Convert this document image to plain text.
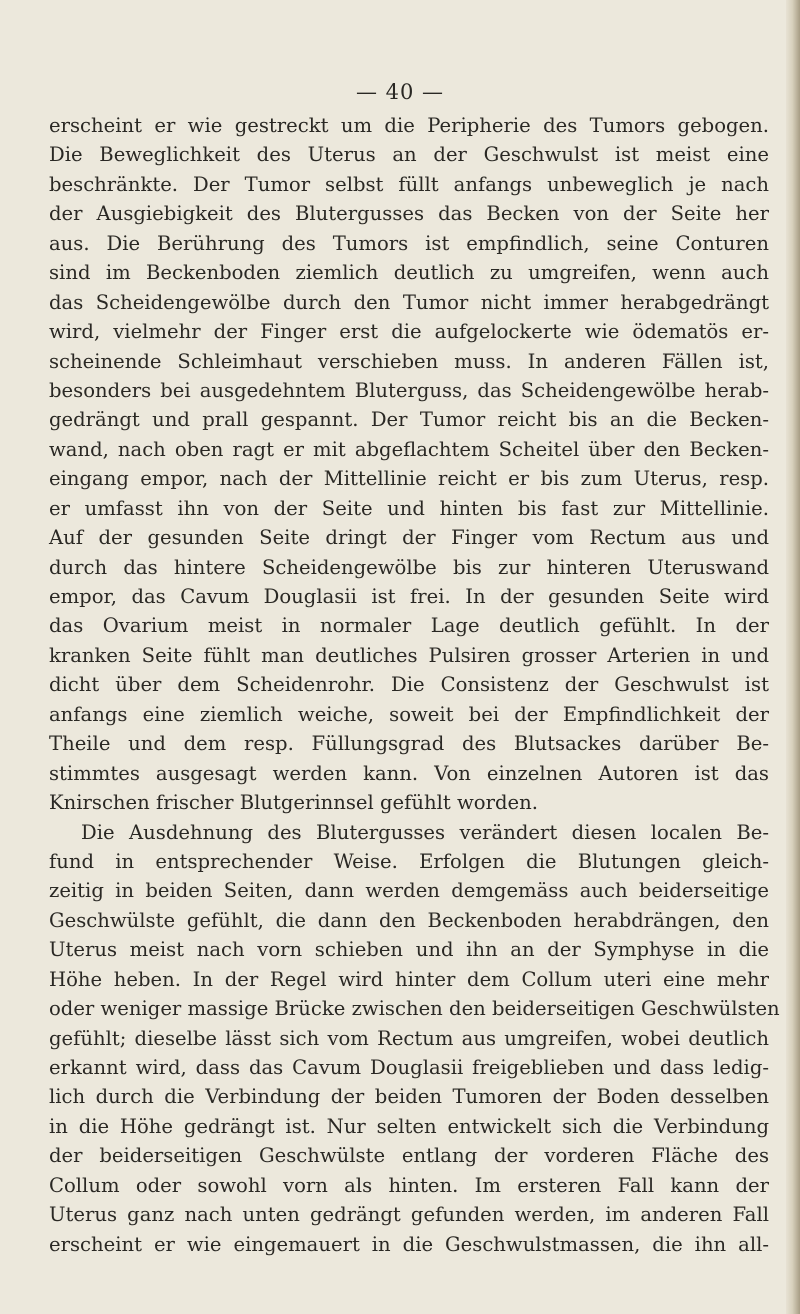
— 40 —
erscheint er wie gestreckt um die Peripherie des Tumors gebogen.
Die Beweglichkeit des Uterus an der Geschwulst ist meist eine
beschränkte. Der Tumor selbst füllt anfangs unbeweglich je nach
der Ausgiebigkeit des Blutergusses das Becken von der Seite her
aus. Die Berührung des Tumors ist empfindlich, seine Conturen
sind im Beckenboden ziemlich deutlich zu umgreifen, wenn auch
das Scheidengewölbe durch den Tumor nicht immer herabgedrängt
wird, vielmehr der Finger erst die aufgelockerte wie ödematös er-
scheinende Schleimhaut verschieben muss. In anderen Fällen ist,
besonders bei ausgedehntem Bluterguss, das Scheidengewölbe herab-
gedrängt und prall gespannt. Der Tumor reicht bis an die Becken-
wand, nach oben ragt er mit abgeflachtem Scheitel über den Becken-
eingang empor, nach der Mittellinie reicht er bis zum Uterus, resp.
er umfasst ihn von der Seite und hinten bis fast zur Mittellinie.
Auf der gesunden Seite dringt der Finger vom Rectum aus und
durch das hintere Scheidengewölbe bis zur hinteren Uteruswand
empor, das Cavum Douglasii ist frei. In der gesunden Seite wird
das Ovarium meist in normaler Lage deutlich gefühlt. In der
kranken Seite fühlt man deutliches Pulsiren grosser Arterien in und
dicht über dem Scheidenrohr. Die Consistenz der Geschwulst ist
anfangs eine ziemlich weiche, soweit bei der Empfindlichkeit der
Theile und dem resp. Füllungsgrad des Blutsackes darüber Be-
stimmtes ausgesagt werden kann. Von einzelnen Autoren ist das
Knirschen frischer Blutgerinnsel gefühlt worden.
Die Ausdehnung des Blutergusses verändert diesen localen Be-
fund in entsprechender Weise. Erfolgen die Blutungen gleich-
zeitig in beiden Seiten, dann werden demgemäss auch beiderseitige
Geschwülste gefühlt, die dann den Beckenboden herabdrängen, den
Uterus meist nach vorn schieben und ihn an der Symphyse in die
Höhe heben. In der Regel wird hinter dem Collum uteri eine mehr
oder weniger massige Brücke zwischen den beiderseitigen Geschwülsten
gefühlt; dieselbe lässt sich vom Rectum aus umgreifen, wobei deutlich
erkannt wird, dass das Cavum Douglasii freigeblieben und dass ledig-
lich durch die Verbindung der beiden Tumoren der Boden desselben
in die Höhe gedrängt ist. Nur selten entwickelt sich die Verbindung
der beiderseitigen Geschwülste entlang der vorderen Fläche des
Collum oder sowohl vorn als hinten. Im ersteren Fall kann der
Uterus ganz nach unten gedrängt gefunden werden, im anderen Fall
erscheint er wie eingemauert in die Geschwulstmassen, die ihn all-
